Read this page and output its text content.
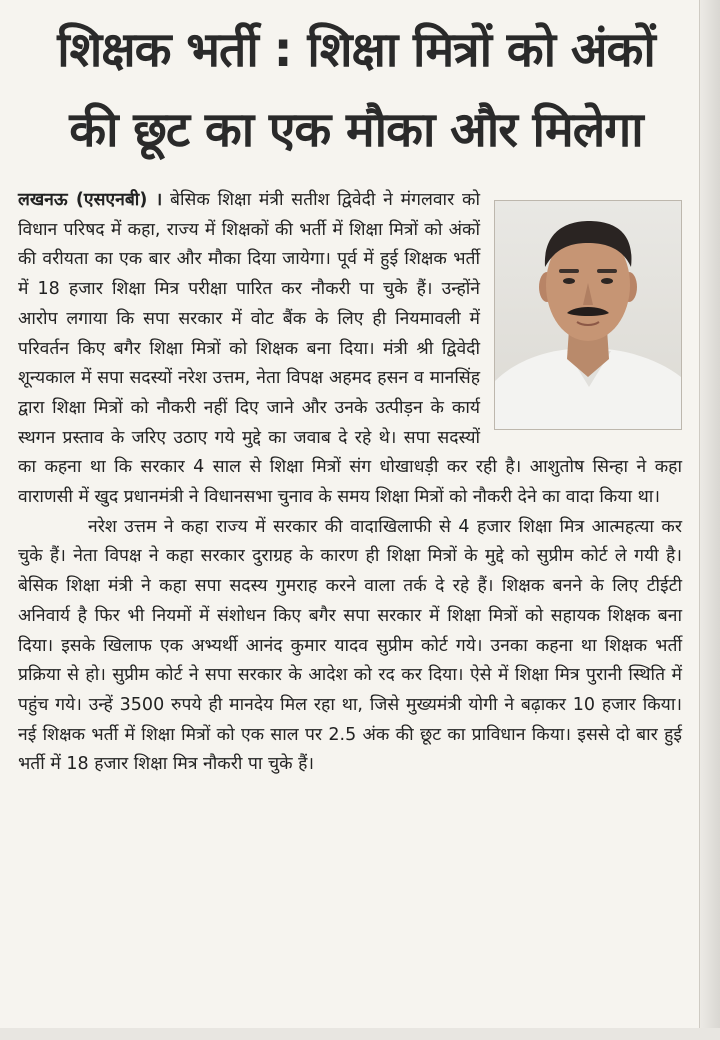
शिक्षक भर्ती : शिक्षा मित्रों को अंकों
की छूट का एक मौका और मिलेगा

लखनऊ (एसएनबी) । बेसिक शिक्षा मंत्री सतीश द्विवेदी ने मंगलवार को विधान परिषद में कहा, राज्य में शिक्षकों की भर्ती में शिक्षा मित्रों को अंकों की वरीयता का एक बार और मौका दिया जायेगा। पूर्व में हुई शिक्षक भर्ती में 18 हजार शिक्षा मित्र परीक्षा पारित कर नौकरी पा चुके हैं। उन्होंने आरोप लगाया कि सपा सरकार में वोट बैंक के लिए ही नियमावली में परिवर्तन किए बगैर शिक्षा मित्रों को शिक्षक बना दिया। मंत्री श्री द्विवेदी शून्यकाल में सपा सदस्यों नरेश उत्तम, नेता विपक्ष अहमद हसन व मानसिंह द्वारा शिक्षा मित्रों को नौकरी नहीं दिए जाने और उनके उत्पीड़न के कार्य स्थगन प्रस्ताव के जरिए उठाए गये मुद्दे का जवाब दे रहे थे। सपा सदस्यों का कहना था कि सरकार 4 साल से शिक्षा मित्रों संग धोखाधड़ी कर रही है। आशुतोष सिन्हा ने कहा वाराणसी में खुद प्रधानमंत्री ने विधानसभा चुनाव के समय शिक्षा मित्रों को नौकरी देने का वादा किया था।

नरेश उत्तम ने कहा राज्य में सरकार की वादाखिलाफी से 4 हजार शिक्षा मित्र आत्महत्या कर चुके हैं। नेता विपक्ष ने कहा सरकार दुराग्रह के कारण ही शिक्षा मित्रों के मुद्दे को सुप्रीम कोर्ट ले गयी है। बेसिक शिक्षा मंत्री ने कहा सपा सदस्य गुमराह करने वाला तर्क दे रहे हैं। शिक्षक बनने के लिए टीईटी अनिवार्य है फिर भी नियमों में संशोधन किए बगैर सपा सरकार में शिक्षा मित्रों को सहायक शिक्षक बना दिया। इसके खिलाफ एक अभ्यर्थी आनंद कुमार यादव सुप्रीम कोर्ट गये। उनका कहना था शिक्षक भर्ती प्रक्रिया से हो। सुप्रीम कोर्ट ने सपा सरकार के आदेश को रद कर दिया। ऐसे में शिक्षा मित्र पुरानी स्थिति में पहुंच गये। उन्हें 3500 रुपये ही मानदेय मिल रहा था, जिसे मुख्यमंत्री योगी ने बढ़ाकर 10 हजार किया। नई शिक्षक भर्ती में शिक्षा मित्रों को एक साल पर 2.5 अंक की छूट का प्राविधान किया। इससे दो बार हुई भर्ती में 18 हजार शिक्षा मित्र नौकरी पा चुके हैं।
